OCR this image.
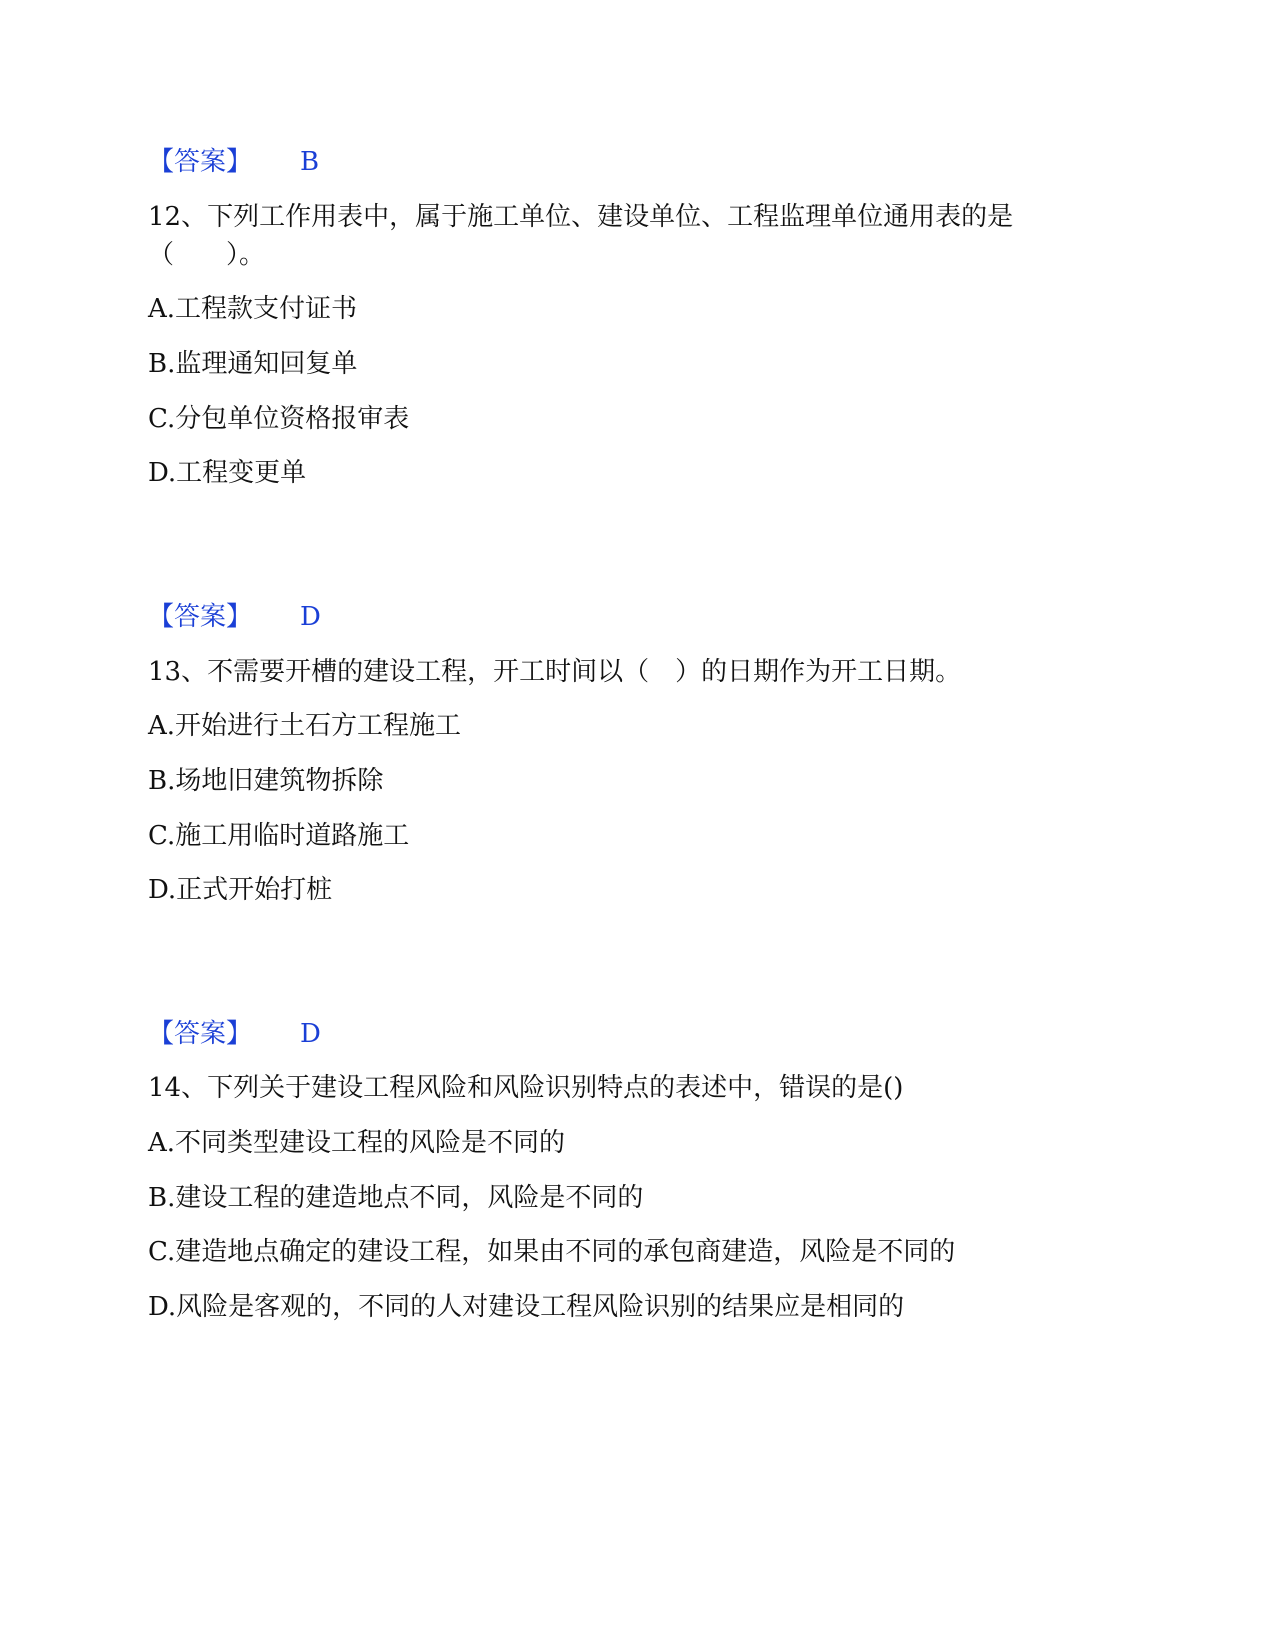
【答案】 B
12、下列工作用表中，属于施工单位、建设单位、工程监理单位通用表的是
（　　）。
A.工程款支付证书
B.监理通知回复单
C.分包单位资格报审表
D.工程变更单
【答案】 D
13、不需要开槽的建设工程，开工时间以（　）的日期作为开工日期。
A.开始进行土石方工程施工
B.场地旧建筑物拆除
C.施工用临时道路施工
D.正式开始打桩
【答案】 D
14、下列关于建设工程风险和风险识别特点的表述中，错误的是()
A.不同类型建设工程的风险是不同的
B.建设工程的建造地点不同，风险是不同的
C.建造地点确定的建设工程，如果由不同的承包商建造，风险是不同的
D.风险是客观的，不同的人对建设工程风险识别的结果应是相同的
